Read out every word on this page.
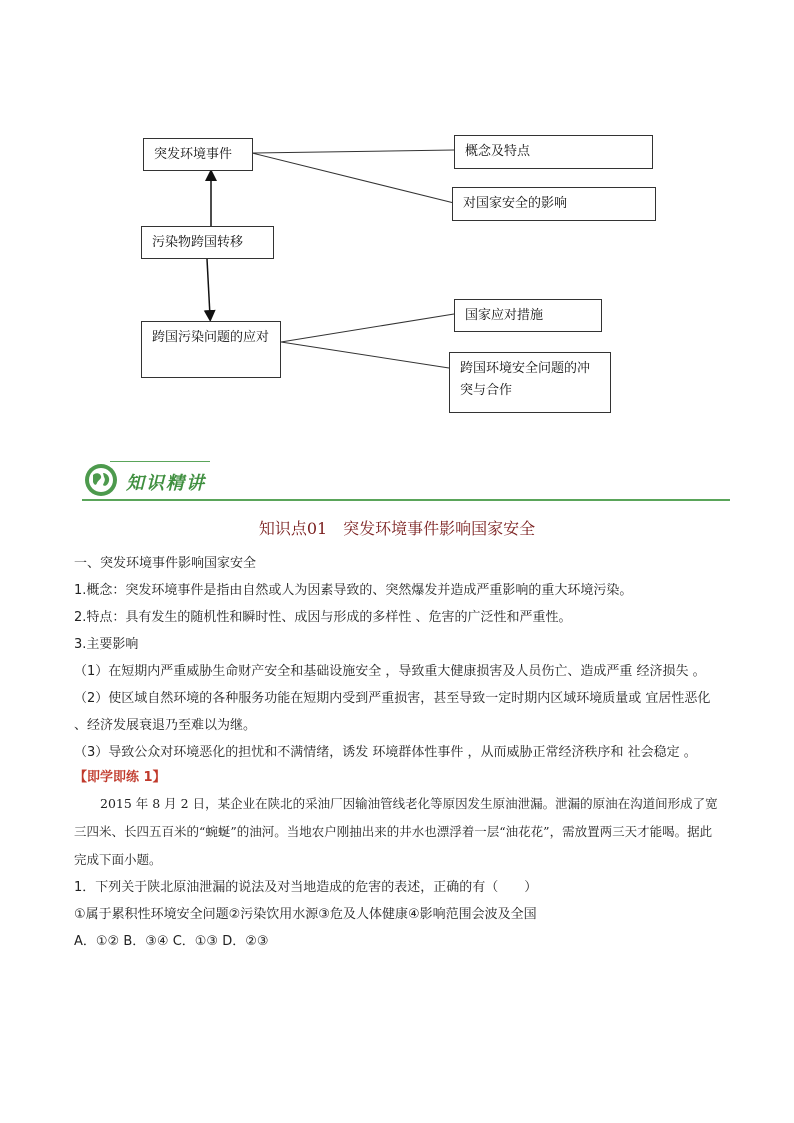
突发环境事件	概念及特点
对国家安全的影响
污染物跨国转移
跨国污染问题的应对
国家应对措施
跨国环境安全问题的冲突与合作
知识精讲
知识点01　突发环境事件影响国家安全

一、突发环境事件影响国家安全

1.概念：突发环境事件是指由自然或人为因素导致的、突然爆发并造成严重影响的重大环境污染。

2.特点：具有发生的随机性和瞬时性、成因与形成的多样性 、危害的广泛性和严重性。

3.主要影响

（1）在短期内严重威胁生命财产安全和基础设施安全 ，导致重大健康损害及人员伤亡、造成严重 经济损失 。

（2）使区域自然环境的各种服务功能在短期内受到严重损害，甚至导致一定时期内区域环境质量或 宜居性恶化 、经济发展衰退乃至难以为继。

（3）导致公众对环境恶化的担忧和不满情绪，诱发 环境群体性事件 ，从而威胁正常经济秩序和 社会稳定 。

【即学即练 1】

2015 年 8 月 2 日，某企业在陕北的采油厂因输油管线老化等原因发生原油泄漏。泄漏的原油在沟道间形成了宽三四米、长四五百米的“蜿蜒”的油河。当地农户刚抽出来的井水也漂浮着一层“油花花”，需放置两三天才能喝。据此完成下面小题。

1．下列关于陕北原油泄漏的说法及对当地造成的危害的表述，正确的有（　　）

①属于累积性环境安全问题②污染饮用水源③危及人体健康④影响范围会波及全国

A．①② B．③④ C．①③ D．②③
